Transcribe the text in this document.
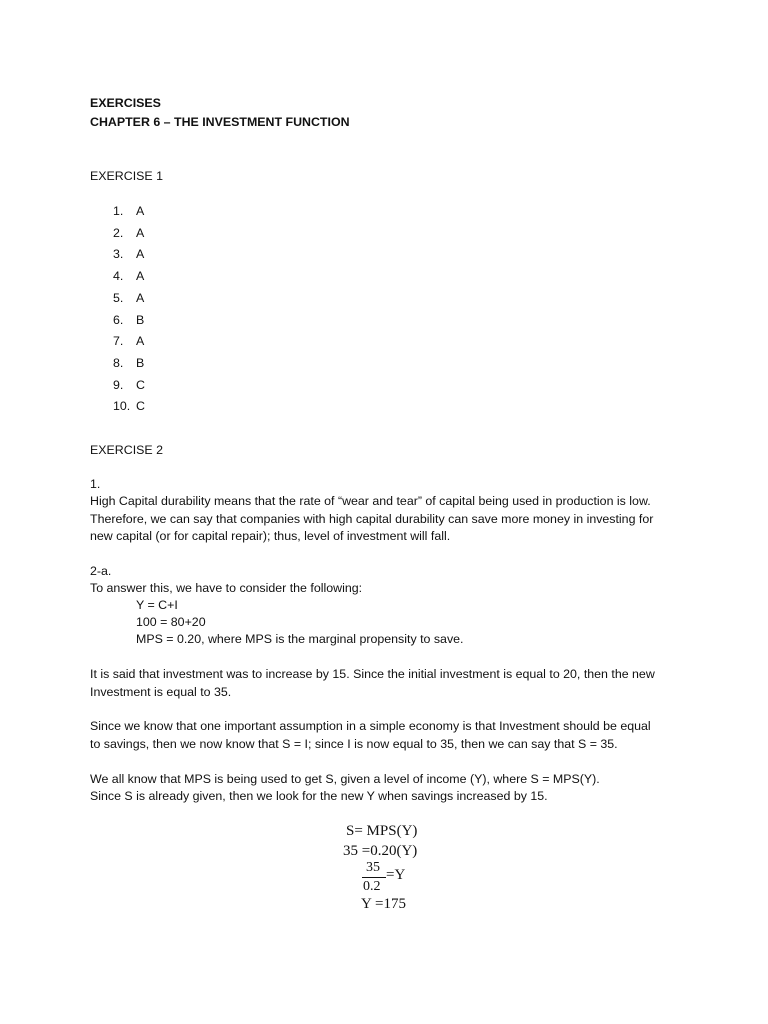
EXERCISES
CHAPTER 6 – THE INVESTMENT FUNCTION
EXERCISE 1
1. A
2. A
3. A
4. A
5. A
6. B
7. A
8. B
9. C
10. C
EXERCISE 2
1.
High Capital durability means that the rate of “wear and tear” of capital being used in production is low.
Therefore, we can say that companies with high capital durability can save more money in investing for
new capital (or for capital repair); thus, level of investment will fall.
2-a.
To answer this, we have to consider the following:
Y = C+I
100 = 80+20
MPS = 0.20, where MPS is the marginal propensity to save.
It is said that investment was to increase by 15. Since the initial investment is equal to 20, then the new
Investment is equal to 35.
Since we know that one important assumption in a simple economy is that Investment should be equal
to savings, then we now know that S = I; since I is now equal to 35, then we can say that S = 35.
We all know that MPS is being used to get S, given a level of income (Y), where S = MPS(Y).
Since S is already given, then we look for the new Y when savings increased by 15.
S= MPS(Y)
35 =0.20(Y)
35
0.2
=Y
Y =175
